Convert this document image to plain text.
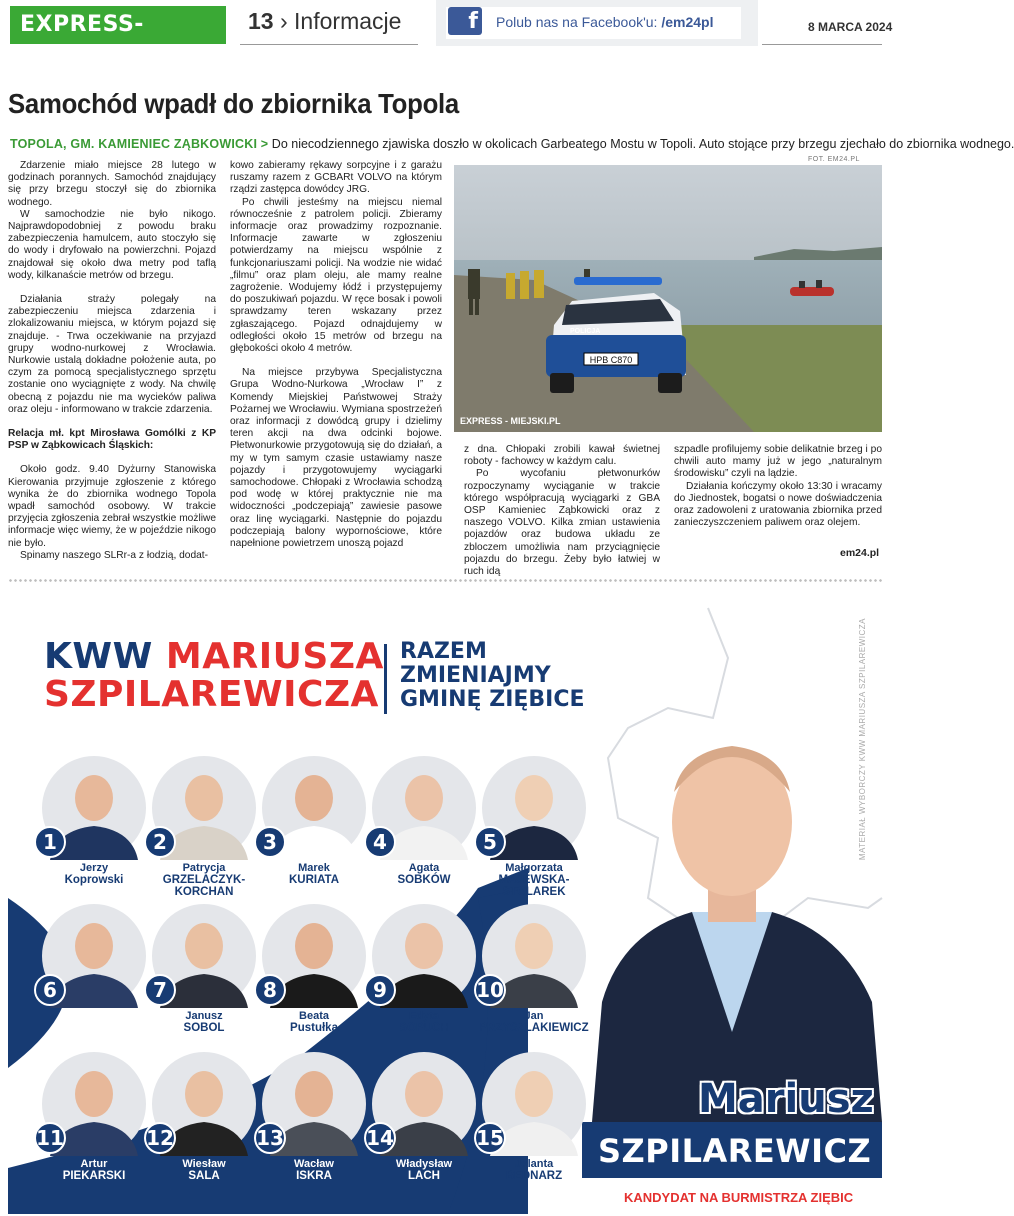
EXPRESS-MIEJSKI.PL
13 › Informacje	f Polub nas na Facebook'u: /em24pl	8 MARCA 2024
Samochód wpadł do zbiornika Topola
TOPOLA, GM. KAMIENIEC ZĄBKOWICKI > Do niecodziennego zjawiska doszło w okolicach Garbeatego Mostu w Topoli. Auto stojące przy brzegu zjechało do zbiornika wodnego.
FOT. EM24.PL

Zdarzenie miało miejsce 28 lutego w godzinach porannych. Samochód znajdujący się przy brzegu stoczył się do zbiornika wodnego.

W samochodzie nie było nikogo. Najprawdopodobniej z powodu braku zabezpieczenia hamulcem, auto stoczyło się do wody i dryfowało na powierzchni. Pojazd znajdował się około dwa metry pod taflą wody, kilkanaście metrów od brzegu.

Działania straży polegały na zabezpieczeniu miejsca zdarzenia i zlokalizowaniu miejsca, w którym pojazd się znajduje. - Trwa oczekiwanie na przyjazd grupy wodno-nurkowej z Wrocławia. Nurkowie ustalą dokładne położenie auta, po czym za pomocą specjalistycznego sprzętu zostanie ono wyciągnięte z wody. Na chwilę obecną z pojazdu nie ma wycieków paliwa oraz oleju - informowano w trakcie zdarzenia.

Relacja mł. kpt Mirosława Gomólki z KP PSP w Ząbkowicach Śląskich:

Około godz. 9.40 Dyżurny Stanowiska Kierowania przyjmuje zgłoszenie z którego wynika że do zbiornika wodnego Topola wpadł samochód osobowy. W trakcie przyjęcia zgłoszenia zebrał wszystkie możliwe informacje więc wiemy, że w pojeździe nikogo nie było.

Spinamy naszego SLRr-a z łodzią, dodat-

kowo zabieramy rękawy sorpcyjne i z garażu ruszamy razem z GCBARt VOLVO na którym rządzi zastępca dowódcy JRG.

Po chwili jesteśmy na miejscu niemal równocześnie z patrolem policji. Zbieramy informacje oraz prowadzimy rozpoznanie. Informacje zawarte w zgłoszeniu potwierdzamy na miejscu wspólnie z funkcjonariuszami policji. Na wodzie nie widać „filmu” oraz plam oleju, ale mamy realne zagrożenie. Wodujemy łódź i przystępujemy do poszukiwań pojazdu. W ręce bosak i powoli sprawdzamy teren wskazany przez zgłaszającego. Pojazd odnajdujemy w odległości około 15 metrów od brzegu na głębokości około 4 metrów.

Na miejsce przybywa Specjalistyczna Grupa Wodno-Nurkowa „Wrocław I” z Komendy Miejskiej Państwowej Straży Pożarnej we Wrocławiu. Wymiana spostrzeżeń oraz informacji z dowódcą grupy i dzielimy teren akcji na dwa odcinki bojowe. Płetwonurkowie przygotowują się do działań, a my w tym samym czasie ustawiamy nasze pojazdy i przygotowujemy wyciągarki samochodowe. Chłopaki z Wrocławia schodzą pod wodę w której praktycznie nie ma widoczności „podczepiają” zawiesie pasowe oraz linę wyciągarki. Następnie do pojazdu podczepiają balony wypornościowe, które napełnione powietrzem unoszą pojazd

HPB C870
POLICJA
EXPRESS - MIEJSKI.PL

z dna. Chłopaki zrobili kawał świetnej roboty - fachowcy w każdym calu.

Po wycofaniu płetwonurków rozpoczynamy wyciąganie w trakcie którego współpracują wyciągarki z GBA OSP Kamieniec Ząbkowicki oraz z naszego VOLVO. Kilka zmian ustawienia pojazdów oraz budowa układu ze zbloczem umożliwia nam przyciągnięcie pojazdu do brzegu. Żeby było łatwiej w ruch idą

szpadle profilujemy sobie delikatnie brzeg i po chwili auto mamy już w jego „naturalnym środowisku” czyli na lądzie.

Działania kończymy około 13:30 i wracamy do Jiednostek, bogatsi o nowe doświadczenia oraz zadowoleni z uratowania zbiornika przed zanieczyszczeniem paliwem oraz olejem.

em24.pl
KWW MARIUSZA
SZPILAREWICZA
RAZEM
ZMIENIAJMY
GMINĘ ZIĘBICE	MATERIAŁ WYBORCZY KWW MARIUSZA SZPILAREWICZA
Mariusz
SZPILAREWICZ
KANDYDAT NA BURMISTRZA ZIĘBIC
1
Jerzy
Koprowski
2
Patrycja
GRZELACZYK-KORCHAN
3
Marek
KURIATA
4
Agata
SOBKÓW
5
Małgorzata
MAJEWSKA-STOLAREK
6
Mariusz
JAŹWIEC
7
Janusz
SOBOL
8
Beata
Pustułka
9
Edyta
SOPUCH
10
Jan
PRZYSZLAKIEWICZ
11
Artur
PIEKARSKI
12
Wiesław
SALA
13
Wacław
ISKRA
14
Władysław
LACH
15
Jolanta
BEDNARZ
